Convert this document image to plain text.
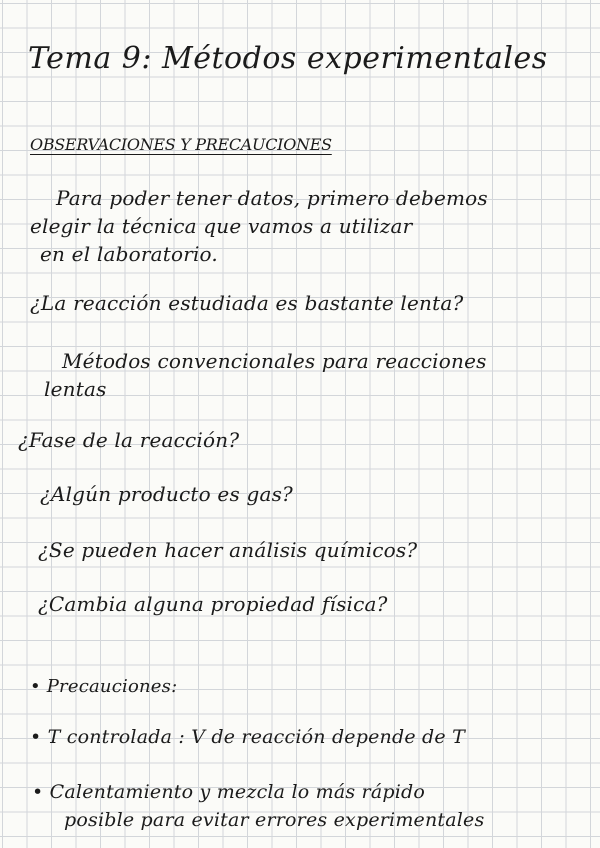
Tema 9: Métodos experimentales
OBSERVACIONES Y PRECAUCIONES
Para poder tener datos, primero debemos
elegir la técnica que vamos a utilizar
en el laboratorio.
¿La reacción estudiada es bastante lenta?
Métodos convencionales para reacciones
lentas
¿Fase de la reacción?
¿Algún producto es gas?
¿Se pueden hacer análisis químicos?
¿Cambia alguna propiedad física?
• Precauciones:
• T controlada : V de reacción depende de T
• Calentamiento y mezcla lo más rápido
posible para evitar errores experimentales
